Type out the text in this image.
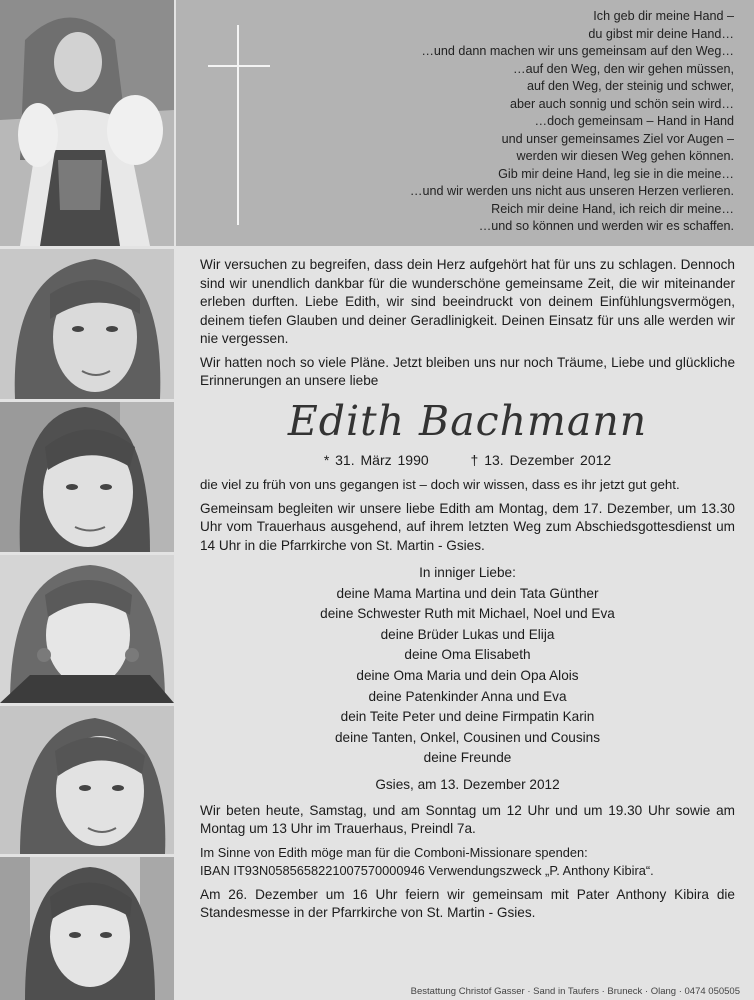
Ich geb dir meine Hand –
du gibst mir deine Hand…
…und dann machen wir uns gemeinsam auf den Weg…
…auf den Weg, den wir gehen müssen,
auf den Weg, der steinig und schwer,
aber auch sonnig und schön sein wird…
…doch gemeinsam – Hand in Hand
und unser gemeinsames Ziel vor Augen –
werden wir diesen Weg gehen können.
Gib mir deine Hand, leg sie in die meine…
…und wir werden uns nicht aus unseren Herzen verlieren.
Reich mir deine Hand, ich reich dir meine…
…und so können und werden wir es schaffen.

Wir versuchen zu begreifen, dass dein Herz aufgehört hat für uns zu schlagen. Dennoch sind wir unendlich dankbar für die wunderschöne gemeinsame Zeit, die wir miteinander erleben durften. Liebe Edith, wir sind beeindruckt von deinem Einfühlungsvermögen, deinem tiefen Glauben und deiner Geradlinigkeit. Deinen Einsatz für uns alle werden wir nie vergessen.

Wir hatten noch so viele Pläne. Jetzt bleiben uns nur noch Träume, Liebe und glückliche Erinnerungen an unsere liebe

Edith Bachmann
* 31. März 1990	† 13. Dezember 2012

die viel zu früh von uns gegangen ist – doch wir wissen, dass es ihr jetzt gut geht.

Gemeinsam begleiten wir unsere liebe Edith am Montag, dem 17. Dezember, um 13.30 Uhr vom Trauerhaus ausgehend, auf ihrem letzten Weg zum Abschiedsgottesdienst um 14 Uhr in die Pfarrkirche von St. Martin - Gsies.

In inniger Liebe:
deine Mama Martina und dein Tata Günther
deine Schwester Ruth mit Michael, Noel und Eva
deine Brüder Lukas und Elija
deine Oma Elisabeth
deine Oma Maria und dein Opa Alois
deine Patenkinder Anna und Eva
dein Teite Peter und deine Firmpatin Karin
deine Tanten, Onkel, Cousinen und Cousins
deine Freunde
Gsies, am 13. Dezember 2012

Wir beten heute, Samstag, und am Sonntag um 12 Uhr und um 19.30 Uhr sowie am Montag um 13 Uhr im Trauerhaus, Preindl 7a.

Im Sinne von Edith möge man für die Comboni-Missionare spenden:

IBAN IT93N0585658221007570000946 Verwendungszweck „P. Anthony Kibira“.

Am 26. Dezember um 16 Uhr feiern wir gemeinsam mit Pater Anthony Kibira die Standesmesse in der Pfarrkirche von St. Martin - Gsies.

Bestattung Christof Gasser · Sand in Taufers · Bruneck · Olang · 0474 050505
